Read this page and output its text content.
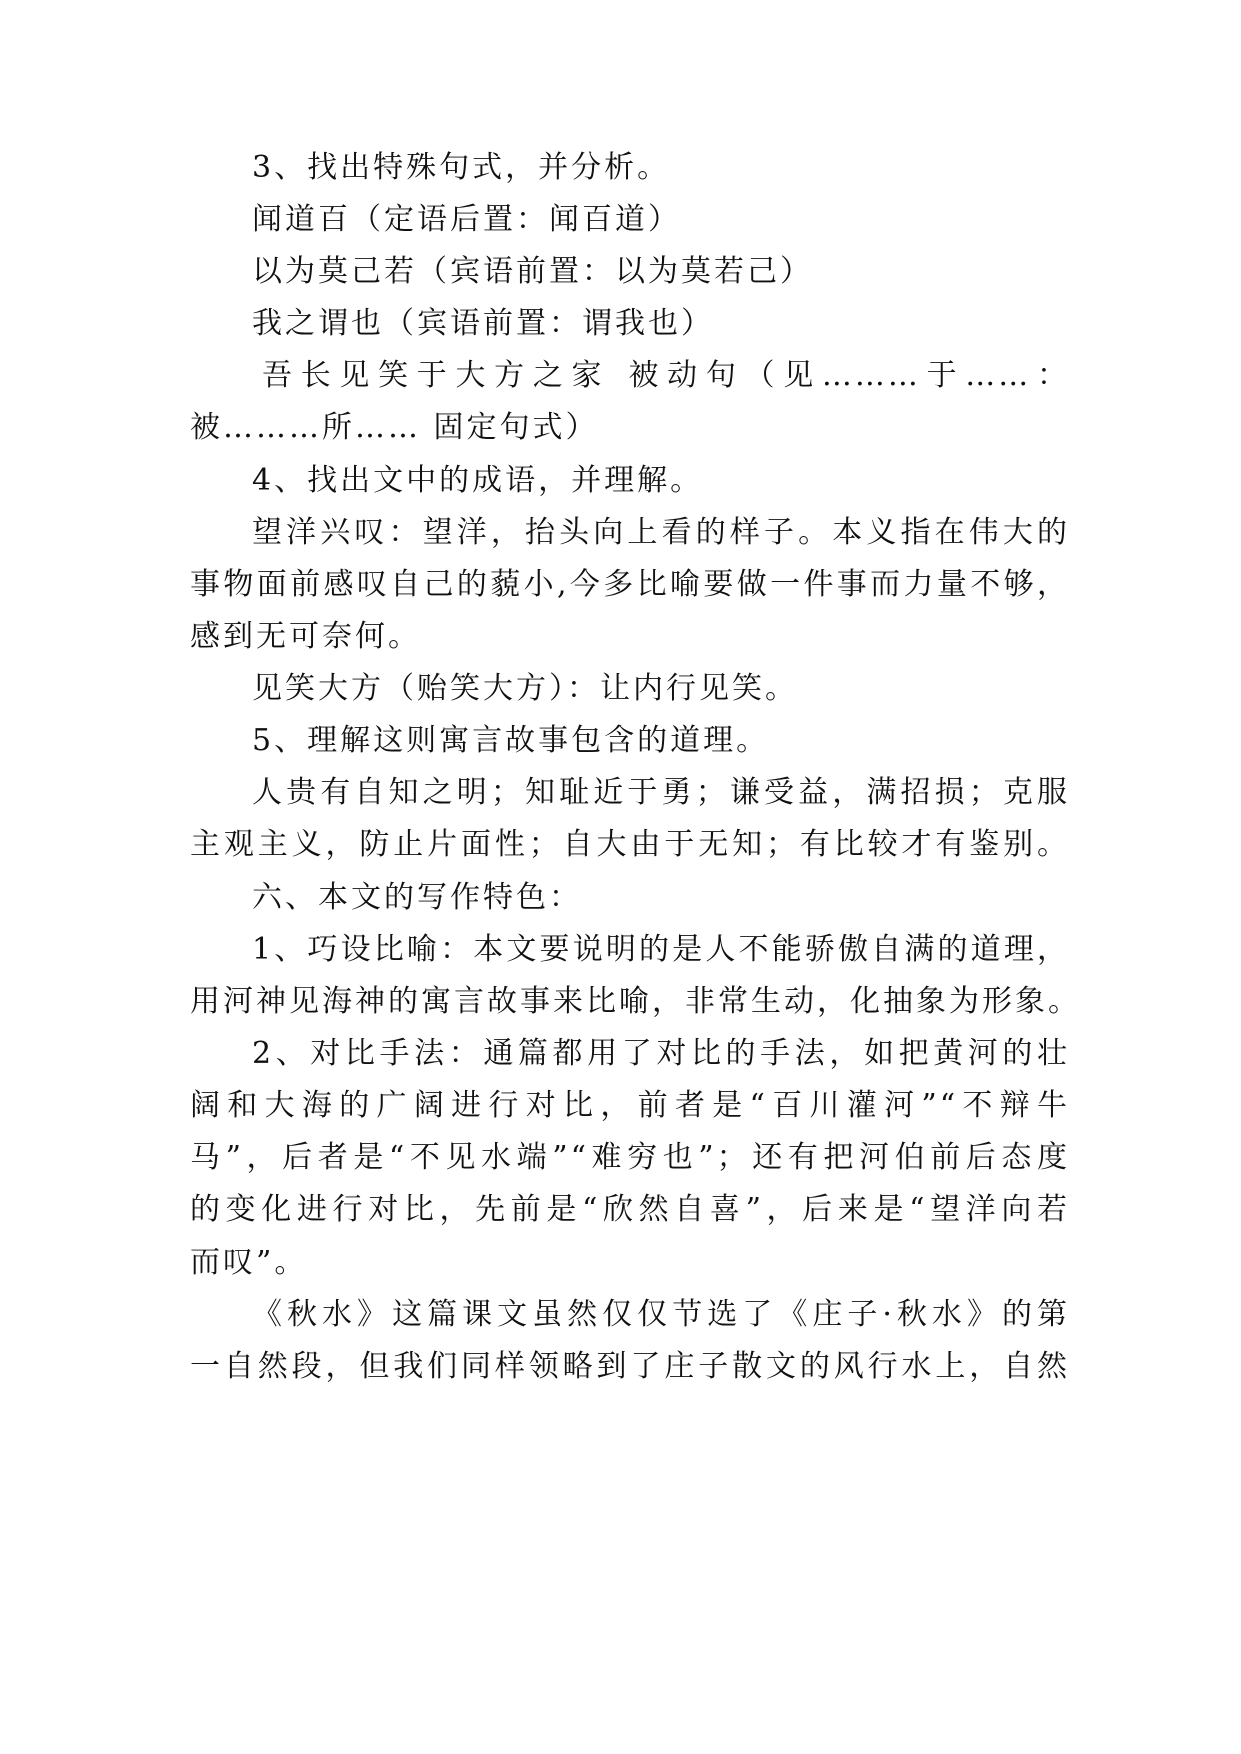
3、找出特殊句式，并分析。
闻道百（定语后置：闻百道）
以为莫己若（宾语前置：以为莫若己）
我之谓也（宾语前置：谓我也）
吾长见笑于大方之家 被动句（见………于……：
被………所…… 固定句式）
4、找出文中的成语，并理解。
望洋兴叹：望洋，抬头向上看的样子。本义指在伟大的
事物面前感叹自己的藐小,今多比喻要做一件事而力量不够，
感到无可奈何。
见笑大方（贻笑大方）：让内行见笑。
5、理解这则寓言故事包含的道理。
人贵有自知之明；知耻近于勇；谦受益，满招损；克服
主观主义，防止片面性；自大由于无知；有比较才有鉴别。
六、本文的写作特色：
1、巧设比喻：本文要说明的是人不能骄傲自满的道理，
用河神见海神的寓言故事来比喻，非常生动，化抽象为形象。
2、对比手法：通篇都用了对比的手法，如把黄河的壮
阔和大海的广阔进行对比，前者是“百川灌河”“不辩牛
马”，后者是“不见水端”“难穷也”；还有把河伯前后态度
的变化进行对比，先前是“欣然自喜”，后来是“望洋向若
而叹”。
《秋水》这篇课文虽然仅仅节选了《庄子·秋水》的第
一自然段，但我们同样领略到了庄子散文的风行水上，自然
